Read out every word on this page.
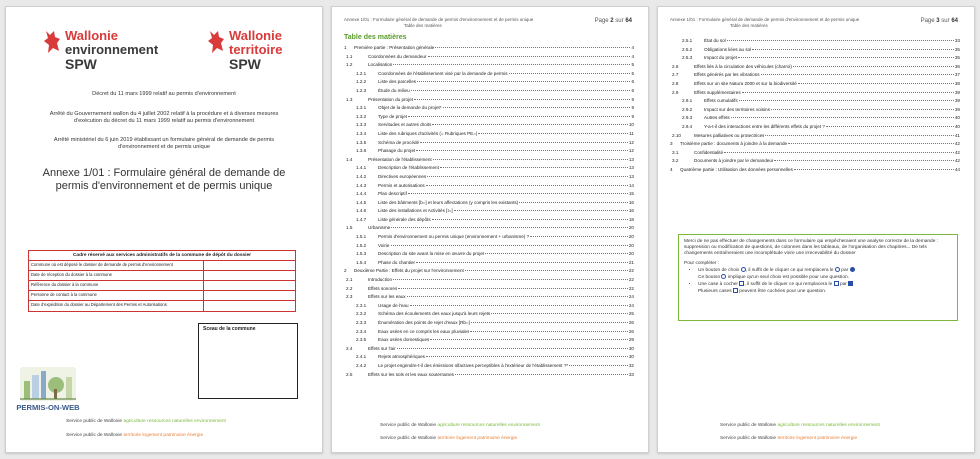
Wallonie
environnement
SPW
Wallonie
territoire
SPW
Décret du 11 mars 1999 relatif au permis d'environnement
Arrêté du Gouvernement wallon du 4 juillet 2002 relatif à la procédure et à diverses mesures d'exécution du décret du 11 mars 1999 relatif au permis d'environnement
Arrêté ministériel du 6 juin 2019 établissant un formulaire général de demande de permis d'environnement et de permis unique
Annexe 1/01 : Formulaire général de demande de permis d'environnement et de permis unique
Cadre réservé aux services administratifs de la commune de dépôt du dossier
Commune où est déposé le dossier de demande de permis d'environnement
Date de réception du dossier à la commune
Référence du dossier à la commune
Personne de contact à la commune
Date d'expédition du dossier au Département des Permis et Autorisations
Sceau de la commune
PERMIS-ON-WEB
Service public de Wallonie agriculture ressources naturelles environnement
Service public de Wallonie territoire logement patrimoine énergie
Annexe 1/01 : Formulaire général de demande de permis d'environnement et de permis unique
Table des matières
Page 2 sur 64
Table des matières
1	Première partie : Présentation générale	4
1.1	Coordonnées du demandeur	4
1.2	Localisation	5
1.2.1	Coordonnées de l'établissement visé par la demande de permis	5
1.2.2	Liste des parcelles	6
1.2.3	Étude du milieu	6
1.3	Présentation du projet	9
1.3.1	Objet de la demande du projet*	9
1.3.2	Type de projet	9
1.3.3	Servitudes et autres droits	10
1.3.4	Liste des rubriques d'activités (= Rubriques PE=)	11
1.3.5	Schéma de procédé	12
1.3.6	Phasage du projet	12
1.4	Présentation de l'établissement	13
1.4.1	Description de l'établissement	13
1.4.2	Directives européennes	13
1.4.3	Permis et autorisations	14
1.4.4	Plan descriptif	15
1.4.5	Liste des bâtiments [b=] et leurs affectations (y compris les existants)	16
1.4.6	Liste des installations et Activités [I=]	16
1.4.7	Liste générale des dépôts	18
1.5	Urbanisme	20
1.5.1	Permis d'environnement ou permis unique (environnement + urbanisme) ?	20
1.5.2	Voirie	20
1.5.3	Description du site avant la mise en œuvre du projet	20
1.5.4	Phase du chantier	21
2	Deuxième Partie : Effets du projet sur l'environnement	22
2.1	Introduction	22
2.2	Effets sonores	22
2.3	Effets sur les eaux	24
2.3.1	Usage de l'eau	24
2.3.2	Schéma des écoulements des eaux jusqu'à leurs rejets	25
2.3.3	Énumération des points de rejet d'eaux [Rb=]	26
2.3.4	Eaux usées en ce compris les eaux pluviales	26
2.3.5	Eaux usées domestiques	29
2.4	Effets sur l'air	30
2.4.1	Rejets atmosphériques	30
2.4.2	Le projet engendre-t-il des émissions olfactives perceptibles à l'extérieur de l'établissement ?*	32
2.5	Effets sur les sols et les eaux souterraines	33
Service public de Wallonie agriculture ressources naturelles environnement
Service public de Wallonie territoire logement patrimoine énergie
Annexe 1/01 : Formulaire général de demande de permis d'environnement et de permis unique
Table des matières
Page 3 sur 64
2.5.1	État du sol	33
2.5.2	Obligations liées au sol	35
2.5.3	Impact du projet	35
2.6	Effets liés à la circulation des véhicules (charroi)	36
2.7	Effets générés par les vibrations	37
2.8	Effets sur un site Natura 2000 et sur la biodiversité	38
2.9	Effets supplémentaires	39
2.9.1	Effets cumulatifs	39
2.9.2	Impact sur des territoires voisins	39
2.9.3	Autres effets	40
2.9.4	Y-a-t-il des interactions entre les différents effets du projet ?	40
2.10	Mesures palliatives ou protectrices	41
3	Troisième partie : documents à joindre à la demande	42
3.1	Confidentialité	42
3.2	Documents à joindre par le demandeur	42
4	Quatrième partie : Utilisation des données personnelles	44
Merci de ne pas effectuer de changements dans ce formulaire qui empêcheraient une analyse correcte de la demande : suppression ou modification de questions, de colonnes dans les tableaux, de l'organisation des chapitres... De tels changements entraîneraient une incomplétude voire une irrecevabilité du dossier
Pour compléter :
• Un bouton de choix , il suffit de le cliquer ce qui remplacera le par
Ce bouton implique qu'un seul choix est possible pour une question.
• Une case à cocher , il suffit de le cliquer ce qui remplacera le par
Plusieurs cases peuvent être cochées pour une question.
Service public de Wallonie agriculture ressources naturelles environnement
Service public de Wallonie territoire logement patrimoine énergie
